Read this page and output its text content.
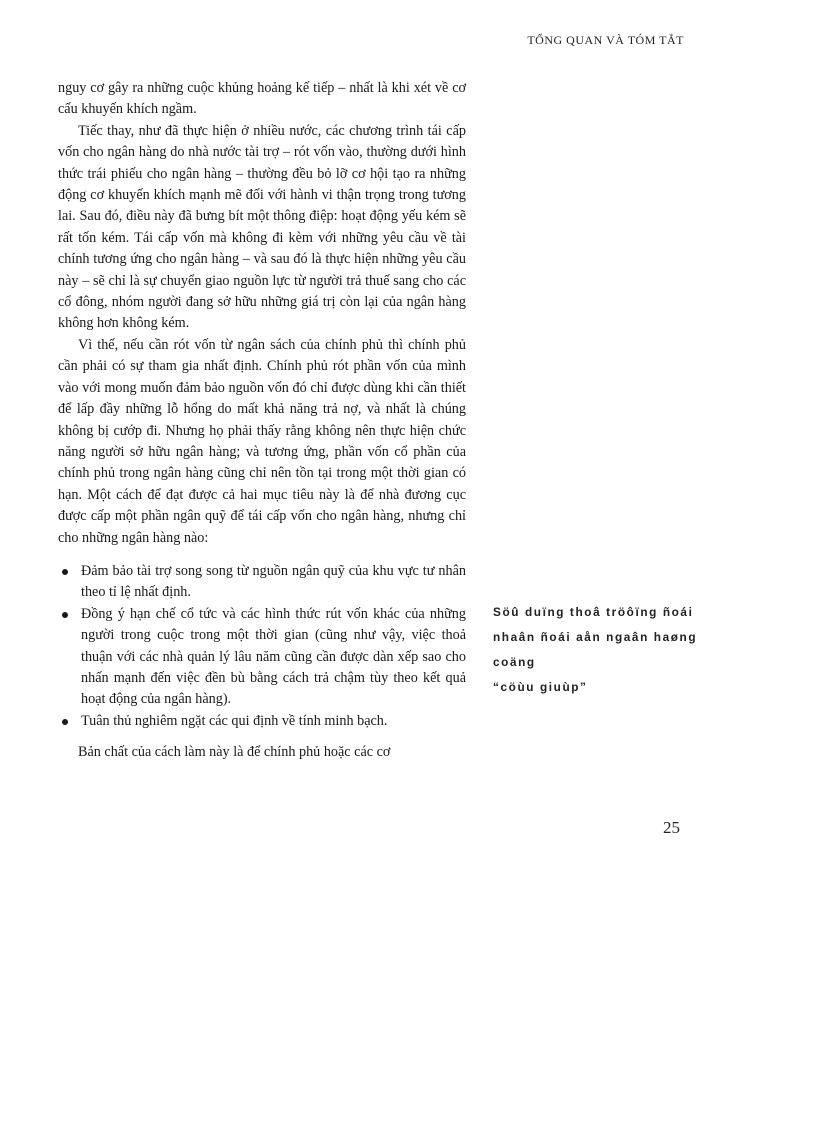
TỔNG QUAN VÀ TÓM TẮT

nguy cơ gây ra những cuộc khủng hoảng kế tiếp – nhất là khi xét về cơ cấu khuyến khích ngầm.

Tiếc thay, như đã thực hiện ở nhiều nước, các chương trình tái cấp vốn cho ngân hàng do nhà nước tài trợ – rót vốn vào, thường dưới hình thức trái phiếu cho ngân hàng – thường đều bỏ lỡ cơ hội tạo ra những động cơ khuyến khích mạnh mẽ đối với hành vi thận trọng trong tương lai. Sau đó, điều này đã bưng bít một thông điệp: hoạt động yếu kém sẽ rất tốn kém. Tái cấp vốn mà không đi kèm với những yêu cầu về tài chính tương ứng cho ngân hàng – và sau đó là thực hiện những yêu cầu này – sẽ chỉ là sự chuyển giao nguồn lực từ người trả thuế sang cho các cổ đông, nhóm người đang sở hữu những giá trị còn lại của ngân hàng không hơn không kém.

Vì thế, nếu cần rót vốn từ ngân sách của chính phủ thì chính phủ cần phải có sự tham gia nhất định. Chính phủ rót phần vốn của mình vào với mong muốn đảm bảo nguồn vốn đó chỉ được dùng khi cần thiết để lấp đầy những lỗ hổng do mất khả năng trả nợ, và nhất là chúng không bị cướp đi. Nhưng họ phải thấy rằng không nên thực hiện chức năng người sở hữu ngân hàng; và tương ứng, phần vốn cổ phần của chính phủ trong ngân hàng cũng chỉ nên tồn tại trong một thời gian có hạn. Một cách để đạt được cả hai mục tiêu này là để nhà đương cục được cấp một phần ngân quỹ để tái cấp vốn cho ngân hàng, nhưng chỉ cho những ngân hàng nào:

Đảm bảo tài trợ song song từ nguồn ngân quỹ của khu vực tư nhân theo tỉ lệ nhất định.
Đồng ý hạn chế cổ tức và các hình thức rút vốn khác của những người trong cuộc trong một thời gian (cũng như vậy, việc thoả thuận với các nhà quản lý lâu năm cũng cần được dàn xếp sao cho nhấn mạnh đến việc đền bù bằng cách trả chậm tùy theo kết quả hoạt động của ngân hàng).
Tuân thủ nghiêm ngặt các qui định về tính minh bạch.

Bản chất của cách làm này là để chính phủ hoặc các cơ

Söû duïng thoâ tröôïng ñoái
nhaân ñoái aån ngaân haøng coäng
“cöùu giuùp”
25
